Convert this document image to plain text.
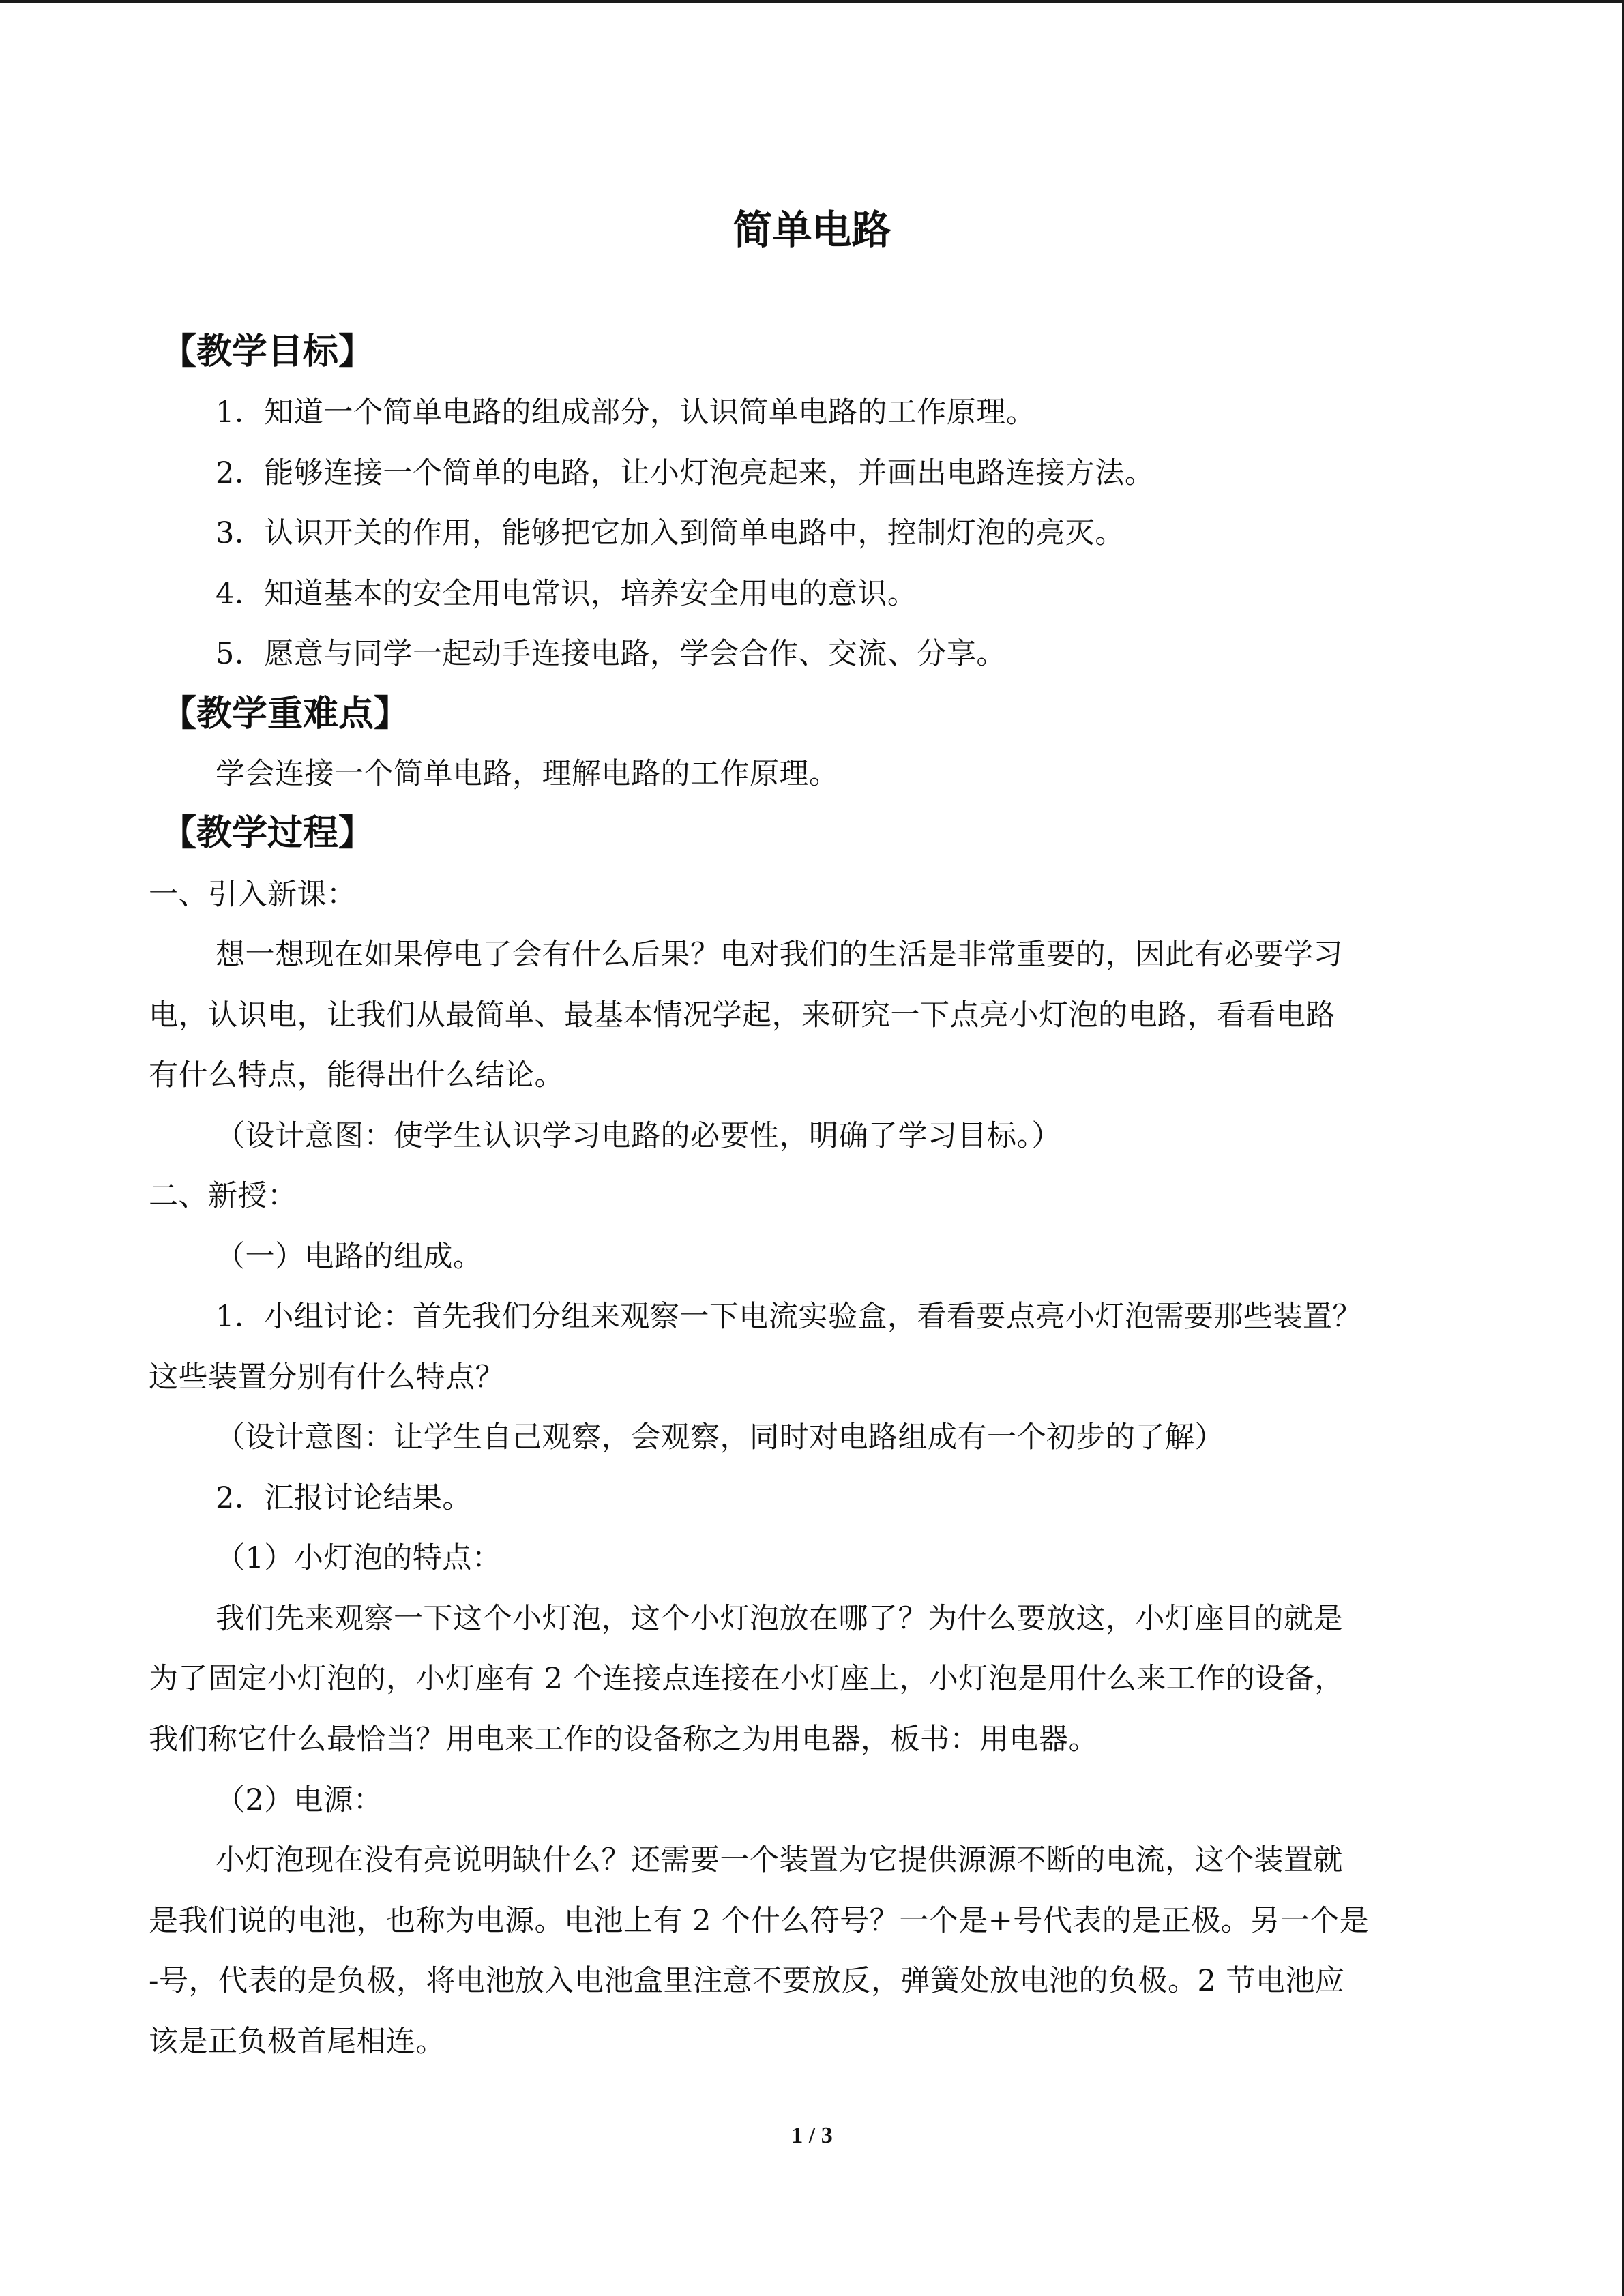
简单电路
【教学目标】
1．知道一个简单电路的组成部分，认识简单电路的工作原理。
2．能够连接一个简单的电路，让小灯泡亮起来，并画出电路连接方法。
3．认识开关的作用，能够把它加入到简单电路中，控制灯泡的亮灭。
4．知道基本的安全用电常识，培养安全用电的意识。
5．愿意与同学一起动手连接电路，学会合作、交流、分享。
【教学重难点】
学会连接一个简单电路，理解电路的工作原理。
【教学过程】
一、引入新课：
想一想现在如果停电了会有什么后果？电对我们的生活是非常重要的，因此有必要学习
电，认识电，让我们从最简单、最基本情况学起，来研究一下点亮小灯泡的电路，看看电路
有什么特点，能得出什么结论。
（设计意图：使学生认识学习电路的必要性，明确了学习目标。）
二、新授：
（一）电路的组成。
1．小组讨论：首先我们分组来观察一下电流实验盒，看看要点亮小灯泡需要那些装置？
这些装置分别有什么特点？
（设计意图：让学生自己观察，会观察，同时对电路组成有一个初步的了解）
2．汇报讨论结果。
（1）小灯泡的特点：
我们先来观察一下这个小灯泡，这个小灯泡放在哪了？为什么要放这，小灯座目的就是
为了固定小灯泡的，小灯座有 2 个连接点连接在小灯座上，小灯泡是用什么来工作的设备，
我们称它什么最恰当？用电来工作的设备称之为用电器，板书：用电器。
（2）电源：
小灯泡现在没有亮说明缺什么？还需要一个装置为它提供源源不断的电流，这个装置就
是我们说的电池，也称为电源。电池上有 2 个什么符号？一个是+号代表的是正极。另一个是
-号，代表的是负极，将电池放入电池盒里注意不要放反，弹簧处放电池的负极。2 节电池应
该是正负极首尾相连。
1 / 3
